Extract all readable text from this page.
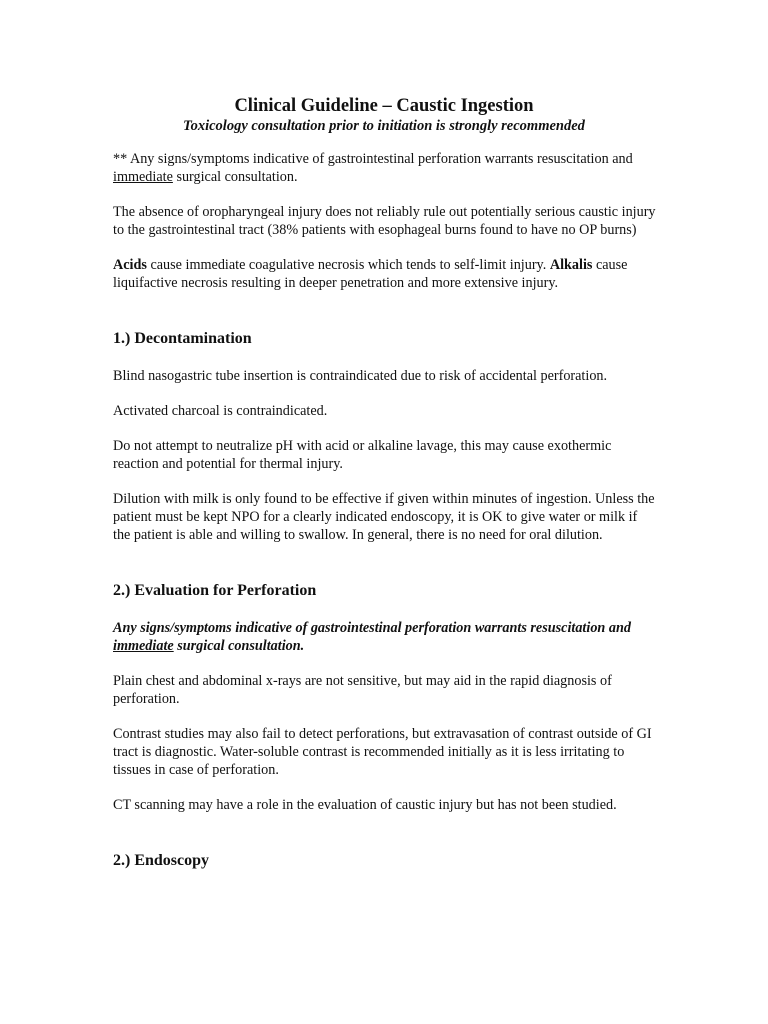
Clinical Guideline – Caustic Ingestion

Toxicology consultation prior to initiation is strongly recommended

** Any signs/symptoms indicative of gastrointestinal perforation warrants resuscitation and immediate surgical consultation.

The absence of oropharyngeal injury does not reliably rule out potentially serious caustic injury to the gastrointestinal tract (38% patients with esophageal burns found to have no OP burns)

Acids cause immediate coagulative necrosis which tends to self-limit injury. Alkalis cause liquifactive necrosis resulting in deeper penetration and more extensive injury.

1.) Decontamination

Blind nasogastric tube insertion is contraindicated due to risk of accidental perforation.

Activated charcoal is contraindicated.

Do not attempt to neutralize pH with acid or alkaline lavage, this may cause exothermic reaction and potential for thermal injury.

Dilution with milk is only found to be effective if given within minutes of ingestion. Unless the patient must be kept NPO for a clearly indicated endoscopy, it is OK to give water or milk if the patient is able and willing to swallow. In general, there is no need for oral dilution.

2.) Evaluation for Perforation

Any signs/symptoms indicative of gastrointestinal perforation warrants resuscitation and immediate surgical consultation.

Plain chest and abdominal x-rays are not sensitive, but may aid in the rapid diagnosis of perforation.

Contrast studies may also fail to detect perforations, but extravasation of contrast outside of GI tract is diagnostic. Water-soluble contrast is recommended initially as it is less irritating to tissues in case of perforation.

CT scanning may have a role in the evaluation of caustic injury but has not been studied.

2.) Endoscopy
